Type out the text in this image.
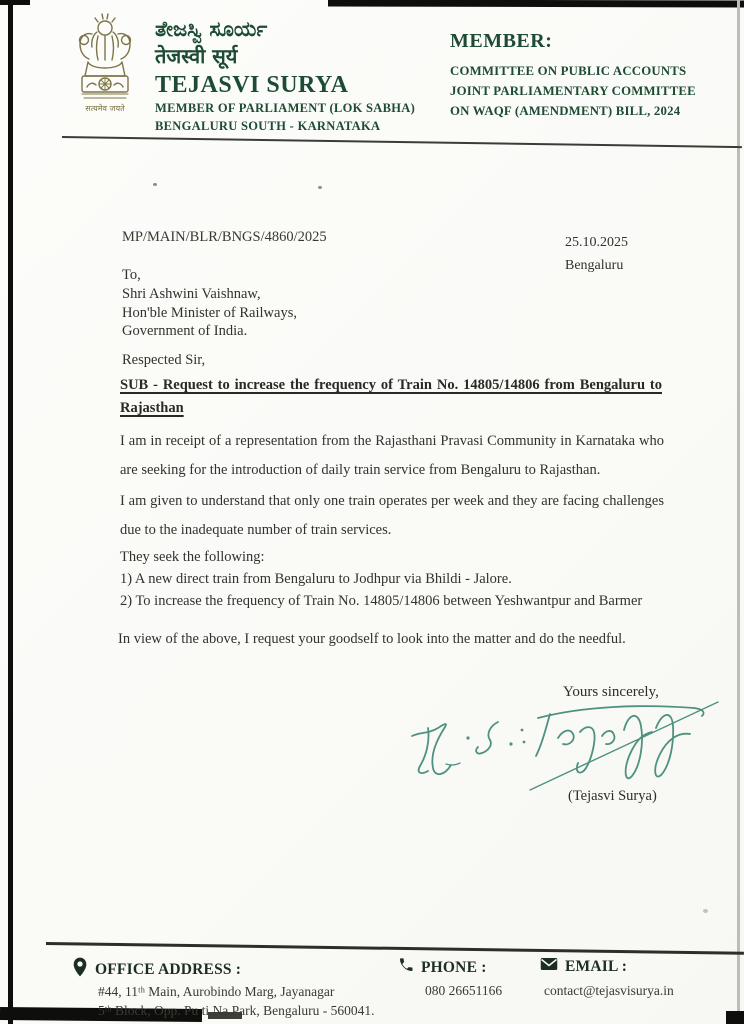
सत्यमेव जयते
ತೇಜಸ್ವಿ ಸೂರ್ಯ
तेजस्वी सूर्य
TEJASVI SURYA
MEMBER OF PARLIAMENT (LOK SABHA)
BENGALURU SOUTH - KARNATAKA
MEMBER:
COMMITTEE ON PUBLIC ACCOUNTS
JOINT PARLIAMENTARY COMMITTEE
ON WAQF (AMENDMENT) BILL, 2024
MP/MAIN/BLR/BNGS/4860/2025	25.10.2025
Bengaluru
To,
Shri Ashwini Vaishnaw,
Hon'ble Minister of Railways,
Government of India.
Respected Sir,
SUB - Request to increase the frequency of Train No. 14805/14806 from Bengaluru to
Rajasthan

I am in receipt of a representation from the Rajasthani Pravasi Community in Karnataka who are seeking for the introduction of daily train service from Bengaluru to Rajasthan.

I am given to understand that only one train operates per week and they are facing challenges due to the inadequate number of train services.

They seek the following:
1) A new direct train from Bengaluru to Jodhpur via Bhildi - Jalore.
2) To increase the frequency of Train No. 14805/14806 between Yeshwantpur and Barmer
In view of the above, I request your goodself to look into the matter and do the needful.
Yours sincerely,
(Tejasvi Surya)
OFFICE ADDRESS :
#44, 11ᵗʰ Main, Aurobindo Marg, Jayanagar
5ᵗʰ Block, Opp. Pu ti Na Park, Bengaluru - 560041.
PHONE :
080 26651166
EMAIL :
contact@tejasvisurya.in
